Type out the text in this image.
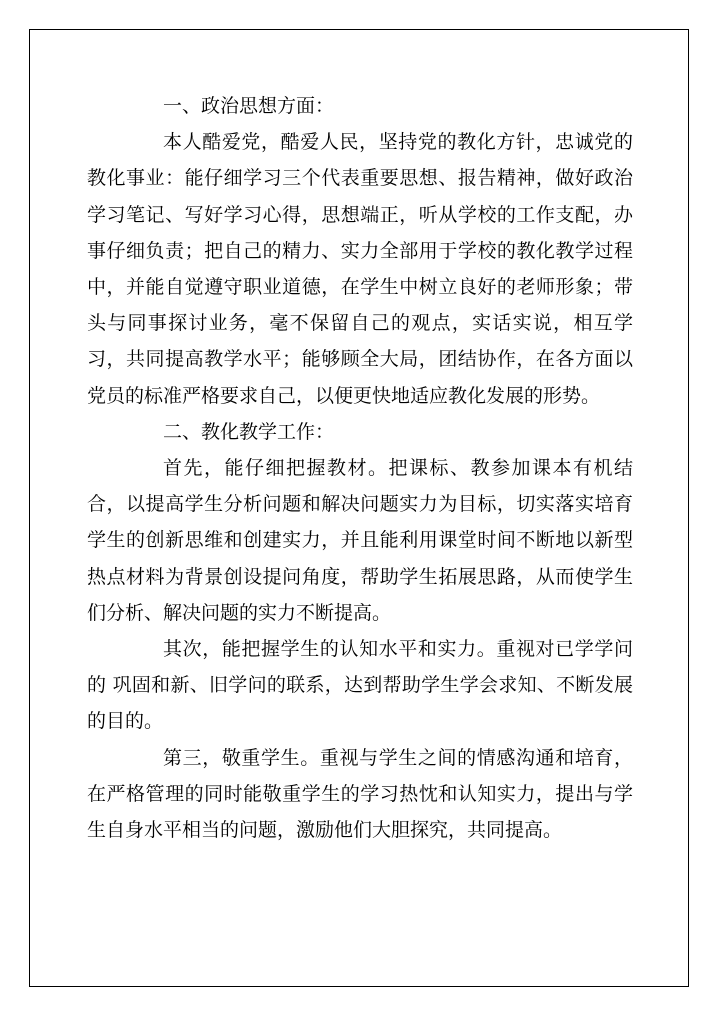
一、政治思想方面：

本人酷爱党，酷爱人民，坚持党的教化方针，忠诚党的教化事业：能仔细学习三个代表重要思想、报告精神，做好政治学习笔记、写好学习心得，思想端正，听从学校的工作支配，办事仔细负责；把自己的精力、实力全部用于学校的教化教学过程中，并能自觉遵守职业道德，在学生中树立良好的老师形象；带头与同事探讨业务，毫不保留自己的观点，实话实说，相互学习，共同提高教学水平；能够顾全大局，团结协作，在各方面以党员的标准严格要求自己，以便更快地适应教化发展的形势。

二、教化教学工作：

首先，能仔细把握教材。把课标、教参加课本有机结合，以提高学生分析问题和解决问题实力为目标，切实落实培育学生的创新思维和创建实力，并且能利用课堂时间不断地以新型热点材料为背景创设提问角度，帮助学生拓展思路，从而使学生们分析、解决问题的实力不断提高。

其次，能把握学生的认知水平和实力。重视对已学学问的 巩固和新、旧学问的联系，达到帮助学生学会求知、不断发展的目的。

第三，敬重学生。重视与学生之间的情感沟通和培育，在严格管理的同时能敬重学生的学习热忱和认知实力，提出与学生自身水平相当的问题，激励他们大胆探究，共同提高。
